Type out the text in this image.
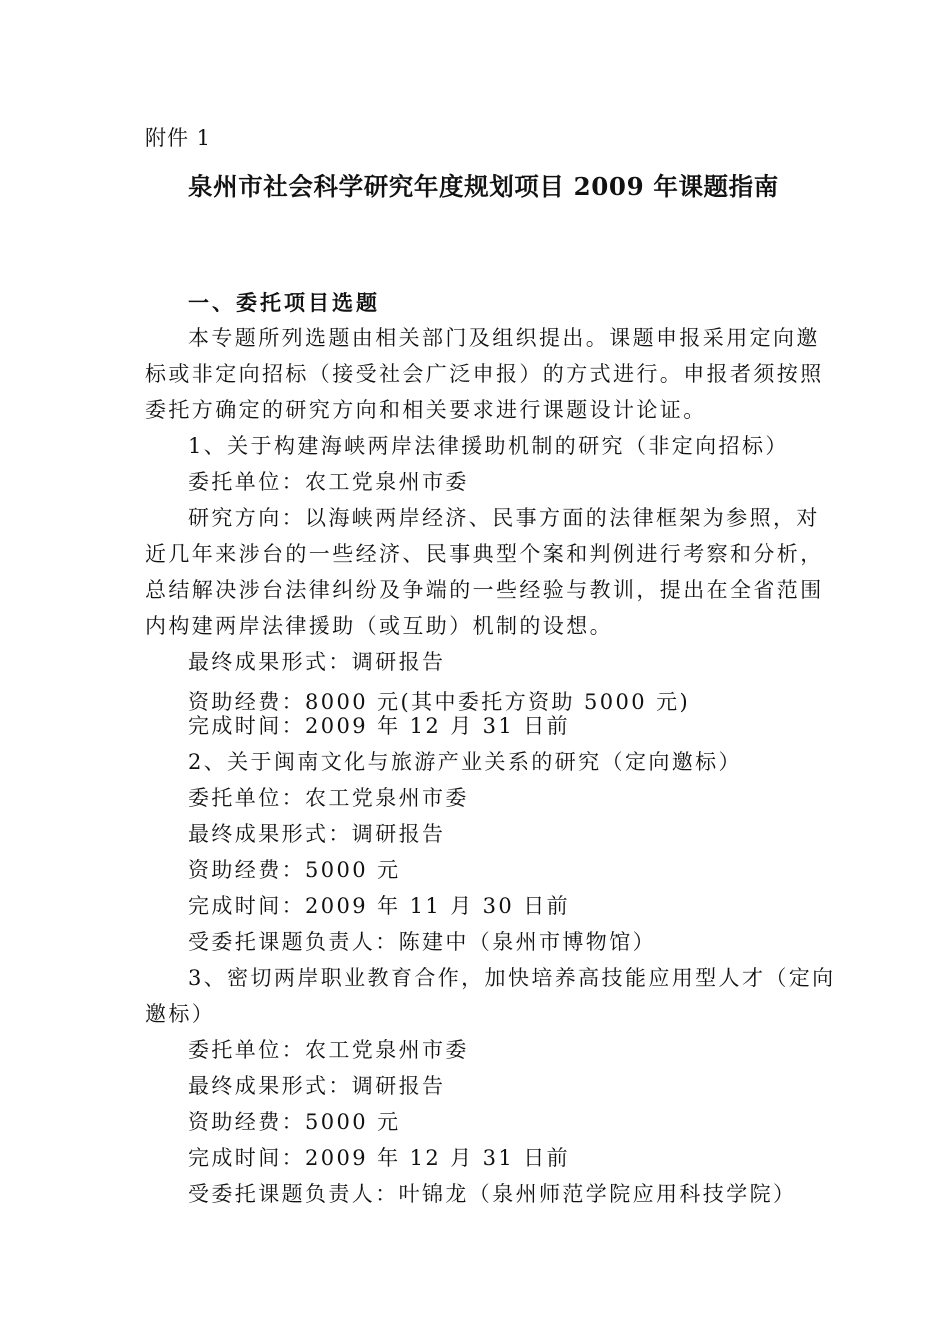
附件 1
泉州市社会科学研究年度规划项目 2009 年课题指南
一、委托项目选题
本专题所列选题由相关部门及组织提出。课题申报采用定向邀
标或非定向招标（接受社会广泛申报）的方式进行。申报者须按照
委托方确定的研究方向和相关要求进行课题设计论证。
1、关于构建海峡两岸法律援助机制的研究（非定向招标）
委托单位：农工党泉州市委
研究方向：以海峡两岸经济、民事方面的法律框架为参照，对
近几年来涉台的一些经济、民事典型个案和判例进行考察和分析，
总结解决涉台法律纠纷及争端的一些经验与教训，提出在全省范围
内构建两岸法律援助（或互助）机制的设想。
最终成果形式：调研报告
资助经费：8000 元(其中委托方资助 5000 元)
完成时间：2009 年 12 月 31 日前
2、关于闽南文化与旅游产业关系的研究（定向邀标）
委托单位：农工党泉州市委
最终成果形式：调研报告
资助经费：5000 元
完成时间：2009 年 11 月 30 日前
受委托课题负责人：陈建中（泉州市博物馆）
3、密切两岸职业教育合作，加快培养高技能应用型人才（定向
邀标）
委托单位：农工党泉州市委
最终成果形式：调研报告
资助经费：5000 元
完成时间：2009 年 12 月 31 日前
受委托课题负责人：叶锦龙（泉州师范学院应用科技学院）
